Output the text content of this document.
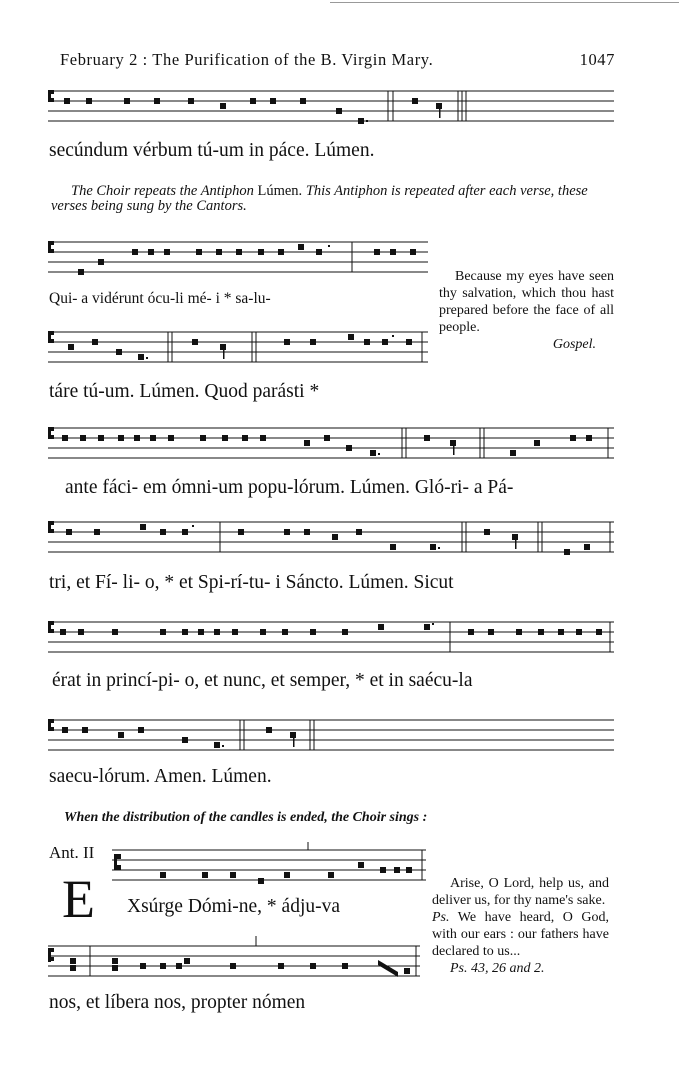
February 2 : The Purification of the B. Virgin Mary.	1047
secúndum vérbum tú-um in páce. Lúmen.
The Choir repeats the Antiphon Lúmen. This Antiphon is repeated after each verse, these verses being sung by the Cantors.
Qui- a vidérunt ócu-li mé- i * sa-lu-
Because my eyes have seen thy salvation, which thou hast prepared before the face of all people.
Gospel.
táre tú-um. Lúmen. Quod parásti *
ante fáci- em ómni-um popu-lórum. Lúmen. Gló-ri- a Pá-
tri, et Fí- li- o, * et Spi-rí-tu- i Sáncto. Lúmen. Sicut
érat in princí-pi- o, et nunc, et semper, * et in saécu-la
saecu-lórum. Amen. Lúmen.
When the distribution of the candles is ended, the Choir sings :
Ant. II
E Xsúrge Dómi-ne, * ádju-va
Arise, O Lord, help us, and deliver us, for thy name's sake.
Ps. We have heard, O God, with our ears : our fathers have declared to us...
Ps. 43, 26 and 2.
nos, et líbera nos, propter nómen
